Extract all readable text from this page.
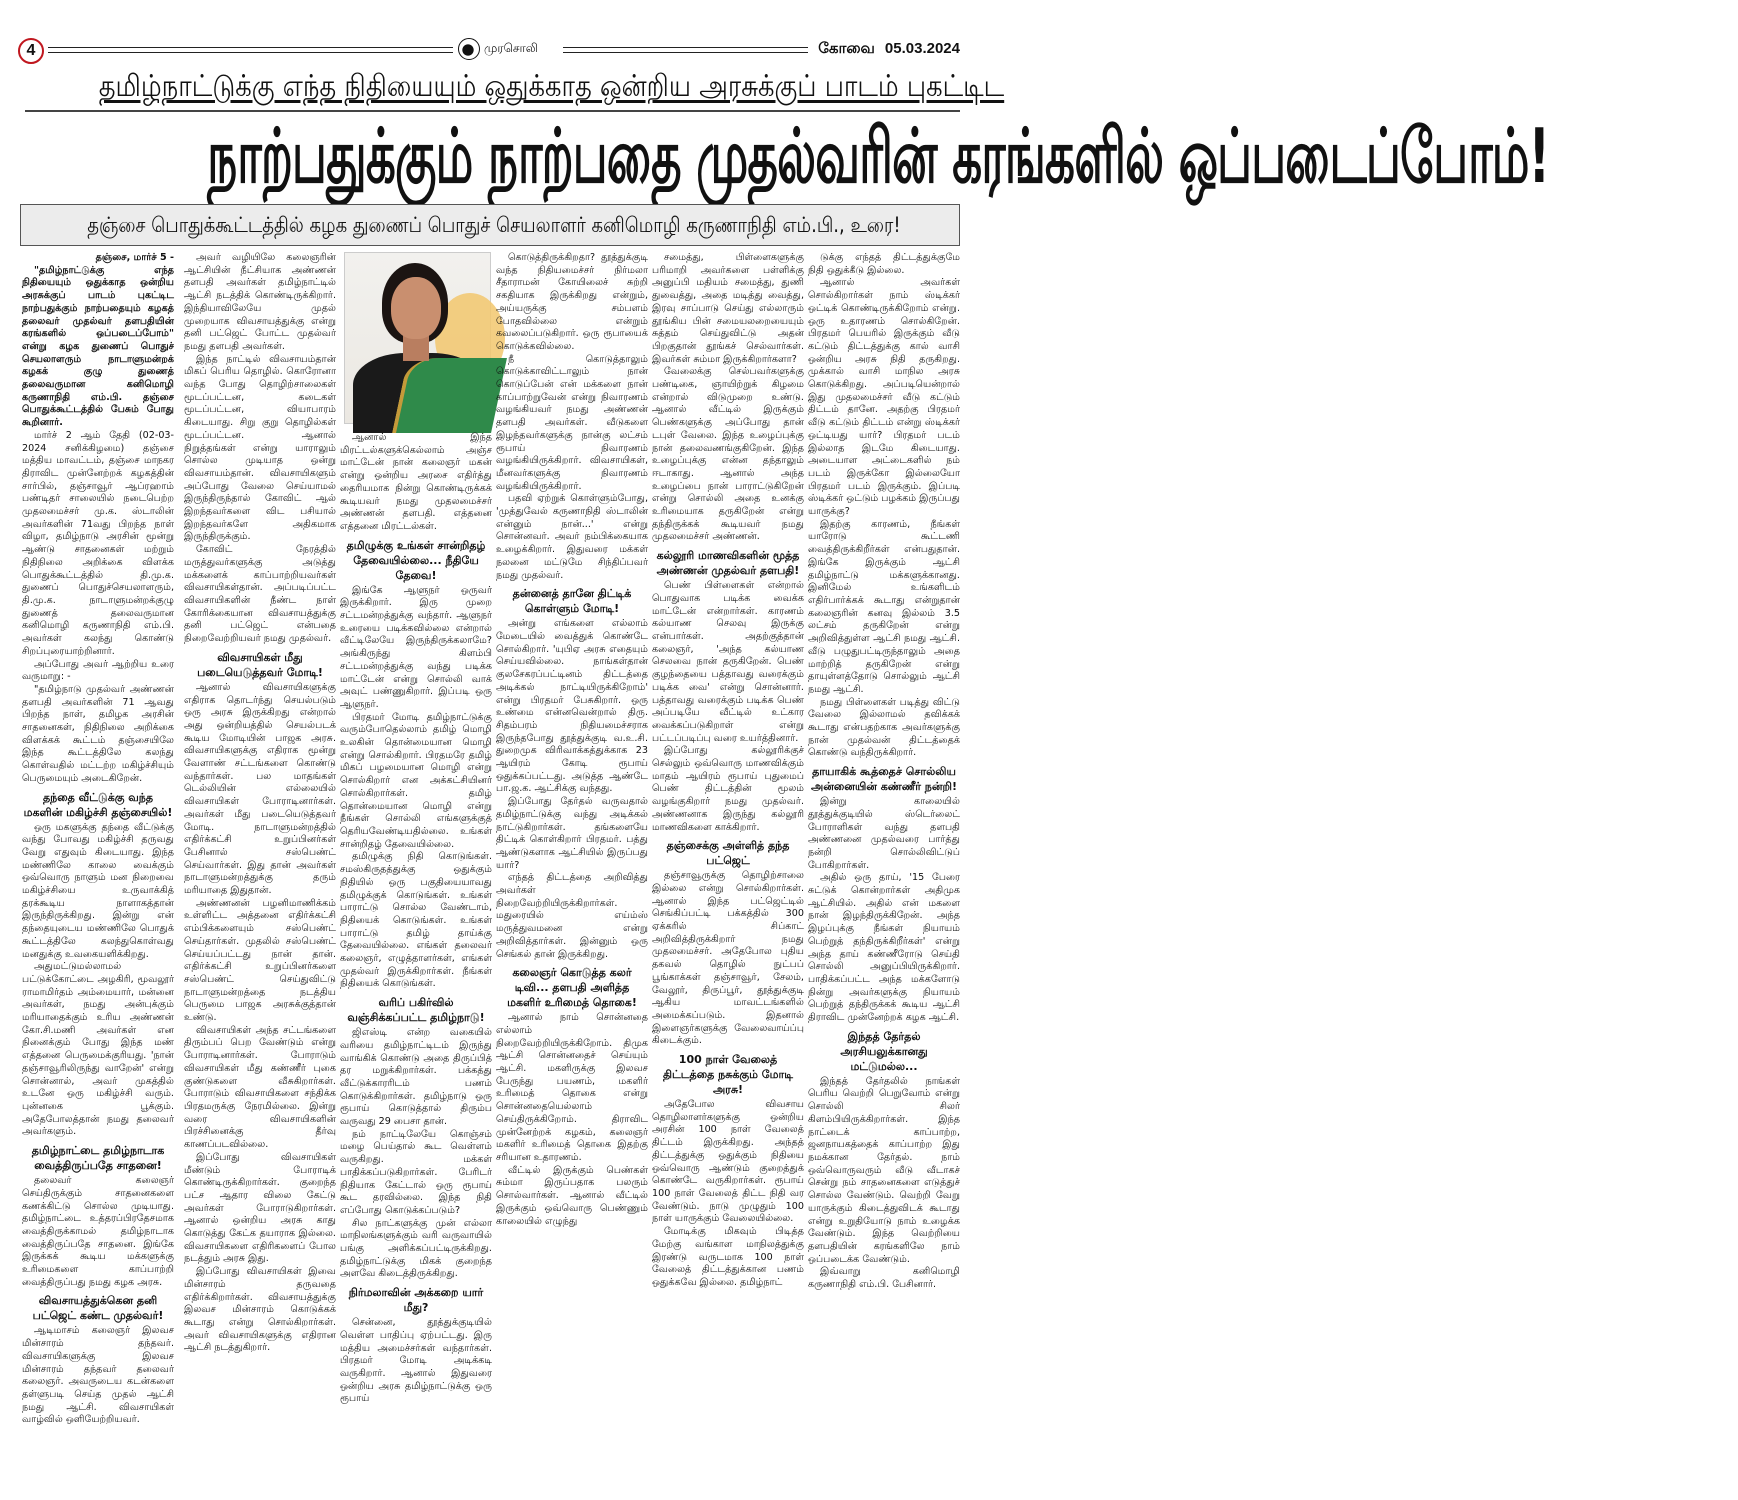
4	முரசொலி	கோவை 05.03.2024
தமிழ்நாட்டுக்கு எந்த நிதியையும் ஒதுக்காத ஒன்றிய அரசுக்குப் பாடம் புகட்டிட
நாற்பதுக்கும் நாற்பதை முதல்வரின் கரங்களில் ஒப்படைப்போம்!
தஞ்சை பொதுக்கூட்டத்தில் கழக துணைப் பொதுச் செயலாளர் கனிமொழி கருணாநிதி எம்.பி., உரை!

தஞ்சை, மார்ச் 5 -

"தமிழ்நாட்டுக்கு எந்த நிதியையும் ஒதுக்காத ஒன்றிய அரசுக்குப் பாடம் புகட்டிட நாற்பதுக்கும் நாற்பதையும் கழகத் தலைவர் முதல்வர் தளபதியின் கரங்களில் ஒப்படைப்போம்" என்று கழக துணைப் பொதுச் செயலாளரும் நாடாளுமன்றக் கழகக் குழு துணைத் தலைவருமான கனிமொழி கருணாநிதி எம்.பி. தஞ்சை பொதுக்கூட்டத்தில் பேசும் போது கூறினார்.

மார்ச் 2 ஆம் தேதி (02-03-2024 சனிக்கிழமை) தஞ்சை மத்திய மாவட்டம், தஞ்சை மாநகர திராவிட முன்னேற்றக் கழகத்தின் சார்பில், தஞ்சாவூர் ஆப்ரஹாம் பண்டிதர் சாலையில் நடைபெற்ற முதலமைச்சர் மு.க. ஸ்டாலின் அவர்களின் 71வது பிறந்த நாள் விழா, தமிழ்நாடு அரசின் மூன்று ஆண்டு சாதனைகள் மற்றும் நிதிநிலை அறிக்கை விளக்க பொதுக்கூட்டத்தில் தி.மு.க. துணைப் பொதுச்செயலாளரும், தி.மு.க. நாடாளுமன்றக்குழு துணைத் தலைவருமான கனிமொழி கருணாநிதி எம்.பி. அவர்கள் கலந்து கொண்டு சிறப்புரையாற்றினார்.

அப்போது அவர் ஆற்றிய உரை வருமாறு: -

"தமிழ்நாடு முதல்வர் அண்ணன் தளபதி அவர்களின் 71 ஆவது பிறந்த நாள், தமிழக அரசின் சாதனைகள், நிதிநிலை அறிக்கை விளக்கக் கூட்டம் தஞ்சையிலே இந்த கூட்டத்திலே கலந்து கொள்வதில் மட்டற்ற மகிழ்ச்சியும் பெருமையும் அடைகிறேன்.

தந்தை வீட்டுக்கு வந்த மகளின் மகிழ்ச்சி தஞ்சையில்!

ஒரு மகளுக்கு தந்தை வீட்டுக்கு வந்து போவது மகிழ்ச்சி தருவது வேறு எதுவும் கிடையாது. இந்த மண்ணிலே காலை வைக்கும் ஒவ்வொரு நாளும் மன நிறைவை மகிழ்ச்சியை உருவாக்கித் தரக்கூடிய நாளாகத்தான் இருந்திருக்கிறது. இன்று என் தந்தையுடைய மண்ணிலே பொதுக் கூட்டத்திலே கலந்துகொள்வது மனதுக்கு உவகையளிக்கிறது.

அதுமட்டுமல்லாமல் பட்டுக்கோட்டை அழகிரி, மூவலூர் ராமாமிர்தம் அம்மையார், மன்னை அவர்கள், நமது அன்புக்கும் மரியாதைக்கும் உரிய அண்ணன் கோ.சி.மணி அவர்கள் என நினைக்கும் போது இந்த மண் எத்தனை பெருமைக்குரியது. 'நான் தஞ்சாவூரிலிருந்து வாறேன்' என்று சொன்னால், அவர் முகத்தில் உடனே ஒரு மகிழ்ச்சி வரும். புன்னகை பூக்கும். அதேபோலத்தான் நமது தலைவர் அவர்களும்.

தமிழ்நாட்டை தமிழ்நாடாக வைத்திருப்பதே சாதனை!

தலைவர் கலைஞர் செய்திருக்கும் சாதனைகளை கணக்கிட்டு சொல்ல முடியாது. தமிழ்நாட்டை உத்தரப்பிரதேசமாக வைத்திருக்காமல் தமிழ்நாடாக வைத்திருப்பதே சாதனை. இங்கே இருக்கக் கூடிய மக்களுக்கு உரிமைகளை காப்பாற்றி வைத்திருப்பது நமது கழக அரசு.

விவசாயத்துக்கென தனி பட்ஜெட் கண்ட முதல்வர்!

ஆடிமாசம் கலைஞர் இலவச மின்சாரம் தந்தவர். விவசாயிகளுக்கு இலவச மின்சாரம் தந்தவர் தலைவர் கலைஞர். அவருடைய கடன்களை தள்ளுபடி செய்த முதல் ஆட்சி நமது ஆட்சி. விவசாயிகள் வாழ்வில் ஒளியேற்றியவர்.

அவர் வழியிலே கலைஞரின் ஆட்சியின் நீட்சியாக அண்ணன் தளபதி அவர்கள் தமிழ்நாட்டில் ஆட்சி நடத்திக் கொண்டிருக்கிறார். இந்தியாவிலேயே முதல் முறையாக விவசாயத்துக்கு என்று தனி பட்ஜெட் போட்ட முதல்வர் நமது தளபதி அவர்கள்.

இந்த நாட்டில் விவசாயம்தான் மிகப் பெரிய தொழில். கொரோனா வந்த போது தொழிற்சாலைகள் மூடப்பட்டன, கடைகள் மூடப்பட்டன, வியாபாரம் கிடையாது. சிறு குறு தொழில்கள் மூடப்பட்டன. ஆனால் நிறுத்தங்கள் என்று யாராலும் சொல்ல முடியாத ஒன்று விவசாயம்தான். விவசாயிகளும் அப்போது வேலை செய்யாமல் இருந்திருந்தால் கோவிட் ஆல் இறந்தவர்களை விட பசியால் இறந்தவர்களே அதிகமாக இருந்திருக்கும்.

கோவிட் நேரத்தில் மருத்துவர்களுக்கு அடுத்து மக்களைக் காப்பாற்றியவர்கள் விவசாயிகள்தான். அப்படிப்பட்ட விவசாயிகளின் நீண்ட நாள் கோரிக்கையான விவசாயத்துக்கு தனி பட்ஜெட் என்பதை நிறைவேற்றியவர் நமது முதல்வர்.

விவசாயிகள் மீது படையெடுத்தவர் மோடி!

ஆனால் விவசாயிகளுக்கு எதிராக தொடர்ந்து செயல்படும் ஒரு அரசு இருக்கிறது என்றால் அது ஒன்றியத்தில் செயல்படக் கூடிய மோடியின் பாஜக அரசு. விவசாயிகளுக்கு எதிராக மூன்று வேளாண் சட்டங்களை கொண்டு வந்தார்கள். பல மாதங்கள் டெல்லியின் எல்லையில் விவசாயிகள் போராடினார்கள். அவர்கள் மீது படையெடுத்தவர் மோடி. நாடாளுமன்றத்தில் எதிர்க்கட்சி உறுப்பினர்கள் பேசினால் சஸ்பெண்ட் செய்வார்கள். இது தான் அவர்கள் நாடாளுமன்றத்துக்கு தரும் மரியாதை இதுதான்.

அண்ணனன் பழனிமாணிக்கம் உள்ளிட்ட அத்தனை எதிர்க்கட்சி எம்பிக்களையும் சஸ்பெண்ட் செய்தார்கள். முதலில் சஸ்பெண்ட் செய்யப்பட்டது நான் தான். எதிர்க்கட்சி உறுப்பினர்களை சஸ்பெண்ட் செய்துவிட்டு நாடாளுமன்றத்தை நடத்திய பெருமை பாஜக அரசுக்குத்தான் உண்டு.

விவசாயிகள் அந்த சட்டங்களை திரும்பப் பெற வேண்டும் என்று போராடினார்கள். போராடும் விவசாயிகள் மீது கண்ணீர் புகை குண்டுகளை வீசுகிறார்கள். போராடும் விவசாயிகளை சந்திக்க பிரதமருக்கு நேரமில்லை. இன்று வரை விவசாயிகளின் பிரச்சினைக்கு தீர்வு காணப்படவில்லை.

இப்போது விவசாயிகள் மீண்டும் போராடிக் கொண்டிருக்கிறார்கள். குறைந்த பட்ச ஆதார விலை கேட்டு அவர்கள் போராடுகிறார்கள். ஆனால் ஒன்றிய அரசு காது கொடுத்து கேட்க தயாராக இல்லை. விவசாயிகளை எதிரிகளைப் போல நடத்தும் அரசு இது.

இப்போது விவசாயிகள் இவை மின்சாரம் தருவதை எதிர்க்கிறார்கள். விவசாயத்துக்கு இலவச மின்சாரம் கொடுக்கக் கூடாது என்று சொல்கிறார்கள். அவர் விவசாயிகளுக்கு எதிரான ஆட்சி நடத்துகிறார்.

ஆனால் இந்த மிரட்டல்களுக்கெல்லாம் அஞ்ச மாட்டேன் நான் கலைஞர் மகன் என்று ஒன்றிய அரசை எதிர்த்து தைரியமாக நின்று கொண்டிருக்கக் கூடியவர் நமது முதலமைச்சர் அண்ணன் தளபதி. எத்தனை எத்தனை மிரட்டல்கள்.

தமிழுக்கு உங்கள் சான்றிதழ் தேவையில்லை... நீதியே தேவை!

இங்கே ஆளுநர் ஒருவர் இருக்கிறார். இரு முறை சட்டமன்றத்துக்கு வந்தார். ஆளுநர் உரையை படிக்கவில்லை என்றால் வீட்டிலேயே இருந்திருக்கலாமே? அங்கிருந்து கிளம்பி சட்டமன்றத்துக்கு வந்து படிக்க மாட்டேன் என்று சொல்லி வாக் அவுட் பண்ணுகிறார். இப்படி ஒரு ஆளுநர்.

பிரதமர் மோடி தமிழ்நாட்டுக்கு வரும்போதெல்லாம் தமிழ் மொழி உலகின் தொன்மையான மொழி என்று சொல்கிறார். பிரதமரே தமிழ் மிகப் பழமையான மொழி என்று சொல்கிறார் என அக்கட்சியினர் சொல்கிறார்கள். தமிழ் தொன்மையான மொழி என்று நீங்கள் சொல்லி எங்களுக்குத் தெரியவேண்டியதில்லை. உங்கள் சான்றிதழ் தேவையில்லை.

தமிழுக்கு நிதி கொடுங்கள். சமஸ்கிருதத்துக்கு ஒதுக்கும் நிதியில் ஒரு பகுதியையாவது தமிழுக்குக் கொடுங்கள். உங்கள் பாராட்டு சொல்ல வேண்டாம், நிதியைக் கொடுங்கள். உங்கள் பாராட்டு தமிழ் தாய்க்கு தேவையில்லை. எங்கள் தலைவர் கலைஞர், எழுத்தாளர்கள், எங்கள் முதல்வர் இருக்கிறார்கள். நீங்கள் நிதியைக் கொடுங்கள்.

வரிப் பகிர்வில் வஞ்சிக்கப்பட்ட தமிழ்நாடு!

ஜிஎஸ்டி என்ற வகையில் வரியை தமிழ்நாட்டிடம் இருந்து வாங்கிக் கொண்டு அதை திருப்பித் தர மறுக்கிறார்கள். பக்கத்து வீட்டுக்காரரிடம் பணம் கொடுக்கிறார்கள். தமிழ்நாடு ஒரு ரூபாய் கொடுத்தால் திரும்ப வருவது 29 பைசா தான்.

நம் நாட்டிலேயே கொஞ்சம் மழை பெய்தால் கூட வெள்ளம் வருகிறது. மக்கள் பாதிக்கப்படுகிறார்கள். பேரிடர் நிதியாக கேட்டால் ஒரு ரூபாய் கூட தரவில்லை. இந்த நிதி எப்போது கொடுக்கப்படும்?

சில நாட்களுக்கு முன் எல்லா மாநிலங்களுக்கும் வரி வருவாயில் பங்கு அளிக்கப்பட்டிருக்கிறது. தமிழ்நாட்டுக்கு மிகக் குறைந்த அளவே கிடைத்திருக்கிறது.

நிர்மலாவின் அக்கறை யார் மீது?

சென்னை, தூத்துக்குடியில் வெள்ள பாதிப்பு ஏற்பட்டது. இரு மத்திய அமைச்சர்கள் வந்தார்கள். பிரதமர் மோடி அடிக்கடி வருகிறார். ஆனால் இதுவரை ஒன்றிய அரசு தமிழ்நாட்டுக்கு ஒரு ரூபாய்

கொடுத்திருக்கிறதா? தூத்துக்குடி வந்த நிதியமைச்சர் நிர்மலா சீதாராமன் கோயிலைச் சுற்றி சகதியாக இருக்கிறது என்றும், அய்யருக்கு சம்பளம் போதவில்லை என்றும் கவலைப்படுகிறார். ஒரு ரூபாயைக் கொடுக்கவில்லை.

நீ கொடுத்தாலும் கொடுக்காவிட்டாலும் நான் கொடுப்பேன் என் மக்களை நான் காப்பாற்றுவேன் என்று நிவாரணம் வழங்கியவர் நமது அண்ணன் தளபதி அவர்கள். வீடுகளை இழந்தவர்களுக்கு நான்கு லட்சம் ரூபாய் நிவாரணம் வழங்கியிருக்கிறார். விவசாயிகள், மீனவர்களுக்கு நிவாரணம் வழங்கியிருக்கிறார்.

பதவி ஏற்றுக் கொள்ளும்போது, 'முத்துவேல் கருணாநிதி ஸ்டாலின் என்னும் நான்...' என்று சொன்னவர். அவர் நம்பிக்கையாக உழைக்கிறார். இதுவரை மக்கள் நலனை மட்டுமே சிந்திப்பவர் நமது முதல்வர்.

தன்னைத் தானே திட்டிக் கொள்ளும் மோடி!

அன்று எங்களை எல்லாம் மேடையில் வைத்துக் கொண்டே சொல்கிறார். 'யுபிஏ அரசு எதையும் செய்யவில்லை. நாங்கள்தான் குலசேகரப்பட்டினம் திட்டத்தை அடிக்கல் நாட்டியிருக்கிறோம்' என்று பிரதமர் பேசுகிறார். ஒரு உண்மை என்னவென்றால் திரு. சிதம்பரம் நிதியமைச்சராக இருந்தபோது தூத்துக்குடி வ.உ.சி. துறைமுக விரிவாக்கத்துக்காக 23 ஆயிரம் கோடி ரூபாய் ஒதுக்கப்பட்டது. அடுத்த ஆண்டே பா.ஜ.க. ஆட்சிக்கு வந்தது.

இப்போது தேர்தல் வருவதால் தமிழ்நாட்டுக்கு வந்து அடிக்கல் நாட்டுகிறார்கள். தங்களையே திட்டிக் கொள்கிறார் பிரதமர். பத்து ஆண்டுகளாக ஆட்சியில் இருப்பது யார்?

எந்தத் திட்டத்தை அறிவித்து அவர்கள் நிறைவேற்றியிருக்கிறார்கள். மதுரையில் எய்ம்ஸ் மருத்துவமனை என்று அறிவித்தார்கள். இன்னும் ஒரு செங்கல் தான் இருக்கிறது.

கலைஞர் கொடுத்த கலர் டிவி... தளபதி அளித்த மகளிர் உரிமைத் தொகை!

ஆனால் நாம் சொன்னதை எல்லாம் நிறைவேற்றியிருக்கிறோம். திமுக ஆட்சி சொன்னதைச் செய்யும் ஆட்சி. மகளிருக்கு இலவச பேருந்து பயணம், மகளிர் உரிமைத் தொகை என்று சொன்னதையெல்லாம் செய்திருக்கிறோம். திராவிட முன்னேற்றக் கழகம், கலைஞர் மகளிர் உரிமைத் தொகை இதற்கு சரியான உதாரணம்.

வீட்டில் இருக்கும் பெண்கள் சும்மா இருப்பதாக பலரும் சொல்வார்கள். ஆனால் வீட்டில் இருக்கும் ஒவ்வொரு பெண்ணும் காலையில் எழுந்து

சமைத்து, பிள்ளைகளுக்கு பரிமாறி அவர்களை பள்ளிக்கு அனுப்பி மதியம் சமைத்து, துணி துவைத்து, அதை மடித்து வைத்து, இரவு சாப்பாடு செய்து எல்லாரும் தூங்கிய பின் சமையலறையையும் சுத்தம் செய்துவிட்டு அதன் பிறகுதான் தூங்கச் செல்வார்கள். இவர்கள் சும்மா இருக்கிறார்களா?

வேலைக்கு செல்பவர்களுக்கு பண்டிகை, ஞாயிற்றுக் கிழமை என்றால் விடுமுறை உண்டு. ஆனால் வீட்டில் இருக்கும் பெண்களுக்கு அப்போது தான் டபுள் வேலை. இந்த உழைப்புக்கு நான் தலைவணங்குகிறேன். இந்த உழைப்புக்கு என்ன தந்தாலும் ஈடாகாது. ஆனால் அந்த உழைப்பை நான் பாராட்டுகிறேன் என்று சொல்லி அதை உனக்கு உரிமையாக தருகிறேன் என்று தந்திருக்கக் கூடியவர் நமது முதலமைச்சர் அண்ணன்.

கல்லூரி மாணவிகளின் மூத்த அண்ணன் முதல்வர் தளபதி!

பெண் பிள்ளைகள் என்றால் பொதுவாக படிக்க வைக்க மாட்டேன் என்றார்கள். காரணம் கல்யாண செலவு இருக்கு என்பார்கள். அதற்குத்தான் கலைஞர், 'அந்த கல்யாண செலவை நான் தருகிறேன். பெண் குழந்தையை பத்தாவது வரைக்கும் படிக்க வை' என்று சொன்னார். பத்தாவது வரைக்கும் படிக்க பெண் அப்படியே வீட்டில் உட்கார வைக்கப்படுகிறாள் என்று பட்டப்படிப்பு வரை உயர்த்தினார்.

இப்போது கல்லூரிக்குச் செல்லும் ஒவ்வொரு மாணவிக்கும் மாதம் ஆயிரம் ரூபாய் புதுமைப் பெண் திட்டத்தின் மூலம் வழங்குகிறார் நமது முதல்வர். அண்ணனாக இருந்து கல்லூரி மாணவிகளை காக்கிறார்.

தஞ்சைக்கு அள்ளித் தந்த பட்ஜெட்

தஞ்சாவூருக்கு தொழிற்சாலை இல்லை என்று சொல்கிறார்கள். ஆனால் இந்த பட்ஜெட்டில் செங்கிப்பட்டி பக்கத்தில் 300 ஏக்கரில் சிப்காட் அறிவித்திருக்கிறார் நமது முதலமைச்சர். அதேபோல புதிய தகவல் தொழில் நுட்பப் பூங்காக்கள் தஞ்சாவூர், சேலம், வேலூர், திருப்பூர், தூத்துக்குடி ஆகிய மாவட்டங்களில் அமைக்கப்படும். இதனால் இளைஞர்களுக்கு வேலைவாய்ப்பு கிடைக்கும்.

100 நாள் வேலைத் திட்டத்தை நசுக்கும் மோடி அரசு!

அதேபோல விவசாய தொழிலாளர்களுக்கு ஒன்றிய அரசின் 100 நாள் வேலைத் திட்டம் இருக்கிறது. அந்தத் திட்டத்துக்கு ஒதுக்கும் நிதியை ஒவ்வொரு ஆண்டும் குறைத்துக் கொண்டே வருகிறார்கள். ரூபாய் 100 நாள் வேலைத் திட்ட நிதி வர வேண்டும். நாடு முழுதும் 100 நாள் யாருக்கும் வேலையில்லை.

மோடிக்கு மிகவும் பிடித்த மேற்கு வங்காள மாநிலத்துக்கு இரண்டு வருடமாக 100 நாள் வேலைத் திட்டத்துக்கான பணம் ஒதுக்கவே இல்லை. தமிழ்நாட்

டுக்கு எந்தத் திட்டத்துக்குமே நிதி ஒதுக்கீடு இல்லை.

ஆனால் அவர்கள் சொல்கிறார்கள் நாம் ஸ்டிக்கர் ஒட்டிக் கொண்டிருக்கிறோம் என்று. ஒரு உதாரணம் சொல்கிறேன். பிரதமர் பெயரில் இருக்கும் வீடு கட்டும் திட்டத்துக்கு கால் வாசி ஒன்றிய அரசு நிதி தருகிறது. முக்கால் வாசி மாநில அரசு கொடுக்கிறது. அப்படியென்றால் இது முதலமைச்சர் வீடு கட்டும் திட்டம் தானே. அதற்கு பிரதமர் வீடு கட்டும் திட்டம் என்று ஸ்டிக்கர் ஒட்டியது யார்? பிரதமர் படம் இல்லாத இடமே கிடையாது. அடையாள அட்டைகளில் நம் படம் இருக்கோ இல்லையோ பிரதமர் படம் இருக்கும். இப்படி ஸ்டிக்கர் ஒட்டும் பழக்கம் இருப்பது யாருக்கு?

இதற்கு காரணம், நீங்கள் யாரோடு கூட்டணி வைத்திருக்கிறீர்கள் என்பதுதான். இங்கே இருக்கும் ஆட்சி தமிழ்நாட்டு மக்களுக்கானது. இனிமேல் உங்களிடம் எதிர்பார்க்கக் கூடாது என்றுதான் கலைஞரின் கனவு இல்லம் 3.5 லட்சம் தருகிறேன் என்று அறிவித்துள்ள ஆட்சி நமது ஆட்சி. வீடு பழுதுபட்டிருந்தாலும் அதை மாற்றித் தருகிறேன் என்று தாயுள்ளத்தோடு சொல்லும் ஆட்சி நமது ஆட்சி.

நமது பிள்ளைகள் படித்து விட்டு வேலை இல்லாமல் தவிக்கக் கூடாது என்பதற்காக அவர்களுக்கு நான் முதல்வன் திட்டத்தைக் கொண்டு வந்திருக்கிறார்.

தாயாகிக் கூத்தைச் சொல்லிய அன்னையின் கண்ணீர் நன்றி!

இன்று காலையில் தூத்துக்குடியில் ஸ்டெர்லைட் போராளிகள் வந்து தளபதி அண்ணனை முதல்வரை பார்த்து நன்றி சொல்லிவிட்டுப் போகிறார்கள்.

அதில் ஒரு தாய், '15 பேரை சுட்டுக் கொன்றார்கள் அதிமுக ஆட்சியில். அதில் என் மகளை நான் இழந்திருக்கிறேன். அந்த இழப்புக்கு நீங்கள் நியாயம் பெற்றுத் தந்திருக்கிறீர்கள்' என்று அந்த தாய் கண்ணீரோடு செய்தி சொல்லி அனுப்பியிருக்கிறார். பாதிக்கப்பட்ட அந்த மக்களோடு நின்று அவர்களுக்கு நியாயம் பெற்றுத் தந்திருக்கக் கூடிய ஆட்சி திராவிட முன்னேற்றக் கழக ஆட்சி.

இந்தத் தேர்தல் அரசியலுக்கானது மட்டுமல்ல...

இந்தத் தேர்தலில் நாங்கள் பெரிய வெற்றி பெறுவோம் என்று சொல்லி சிலர் கிளம்பியிருக்கிறார்கள். இந்த நாட்டைக் காப்பாற்ற, ஜனநாயகத்தைக் காப்பாற்ற இது நமக்கான தேர்தல். நாம் ஒவ்வொருவரும் வீடு வீடாகச் சென்று நம் சாதனைகளை எடுத்துச் சொல்ல வேண்டும். வெற்றி வேறு யாருக்கும் கிடைத்துவிடக் கூடாது என்று உறுதியோடு நாம் உழைக்க வேண்டும். இந்த வெற்றியை தளபதியின் கரங்களிலே நாம் ஒப்படைக்க வேண்டும்.

இவ்வாறு கனிமொழி கருணாநிதி எம்.பி. பேசினார்.
